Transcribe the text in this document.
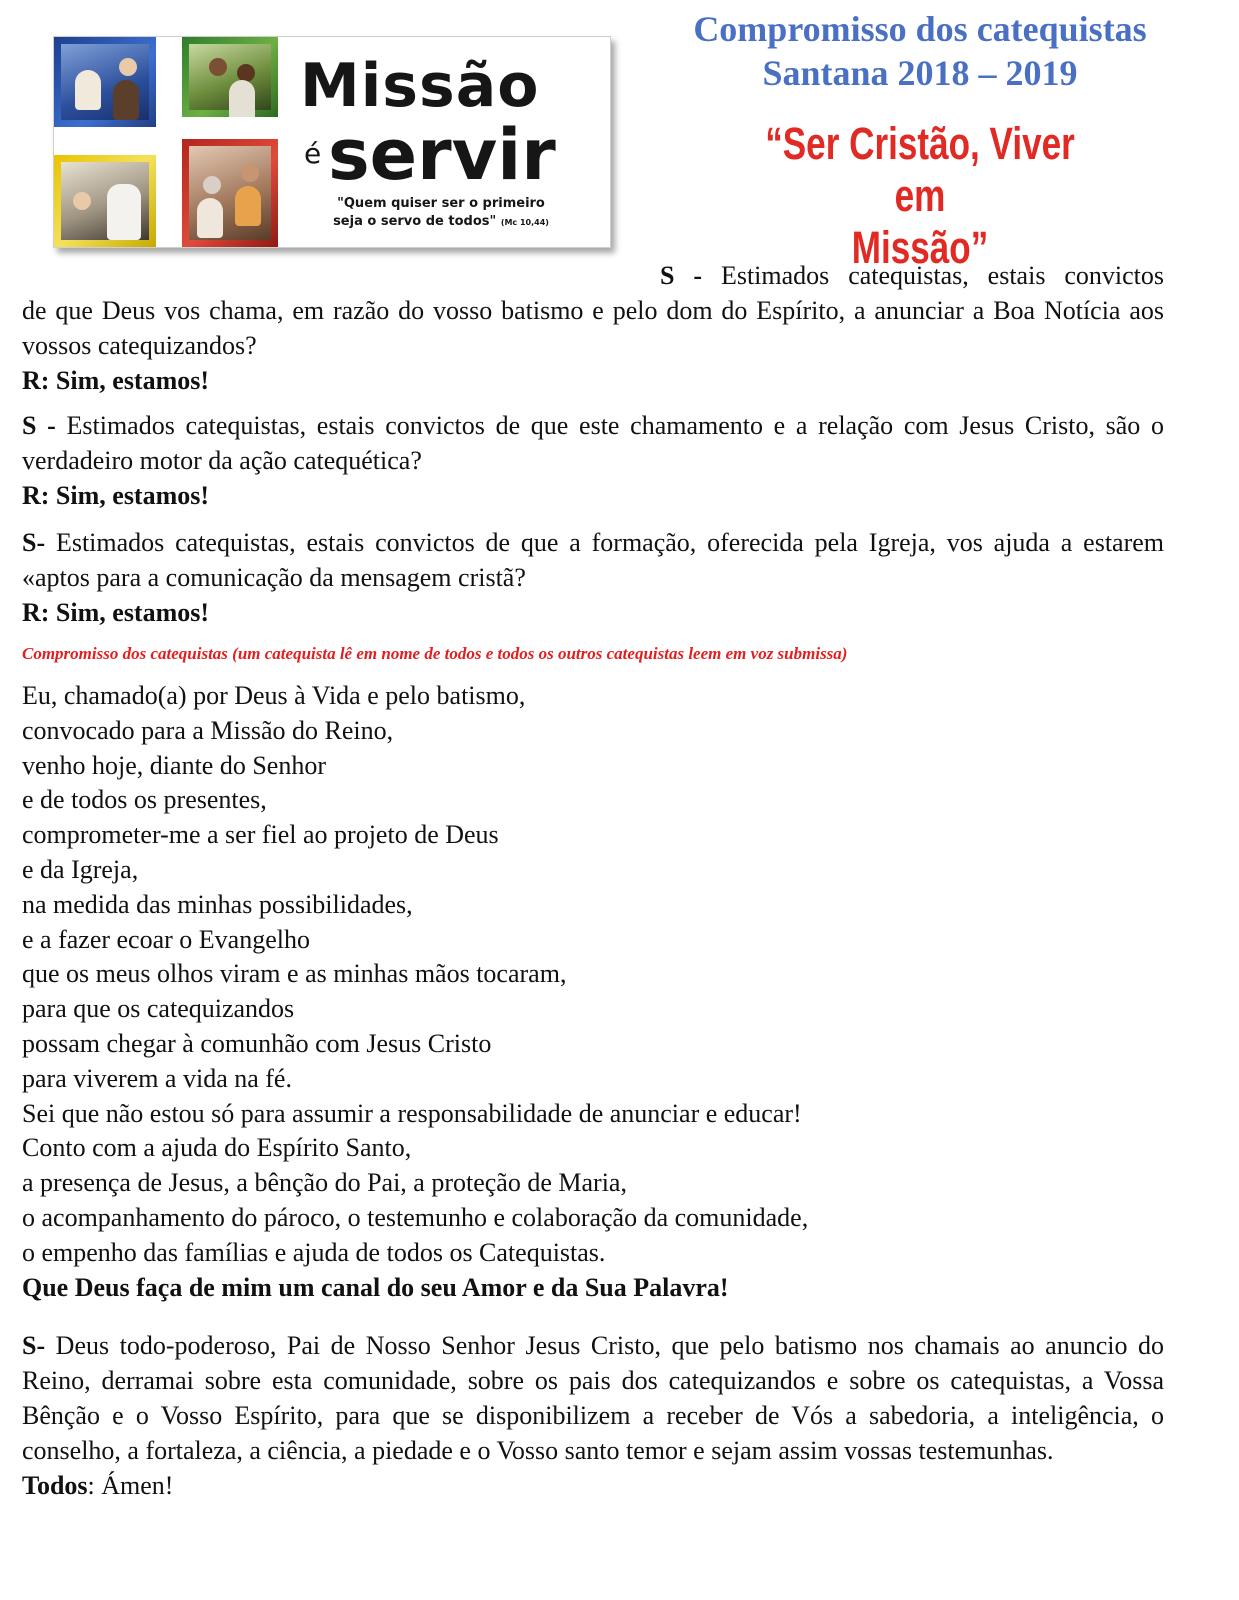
Missão
é servir
"Quem quiser ser o primeiro
seja o servo de todos" (Mc 10,44)
Compromisso dos catequistas
Santana 2018 – 2019
“Ser Cristão, Viver em
Missão”
S - Estimados catequistas, estais convictos
de que Deus vos chama, em razão do vosso batismo e pelo dom do Espírito, a anunciar a Boa Notícia aos vossos catequizandos?

R: Sim, estamos!

S - Estimados catequistas, estais convictos de que este chamamento e a relação com Jesus Cristo, são o verdadeiro motor da ação catequética?

R: Sim, estamos!

S- Estimados catequistas, estais convictos de que a formação, oferecida pela Igreja, vos ajuda a estarem «aptos para a comunicação da mensagem cristã?

R: Sim, estamos!

Compromisso dos catequistas (um catequista lê em nome de todos e todos os outros catequistas leem em voz submissa)
Eu, chamado(a) por Deus à Vida e pelo batismo,
convocado para a Missão do Reino,
venho hoje, diante do Senhor
e de todos os presentes,
comprometer-me a ser fiel ao projeto de Deus
e da Igreja,
na medida das minhas possibilidades,
e a fazer ecoar o Evangelho
que os meus olhos viram e as minhas mãos tocaram,
para que os catequizandos
possam chegar à comunhão com Jesus Cristo
para viverem a vida na fé.
Sei que não estou só para assumir a responsabilidade de anunciar e educar!
Conto com a ajuda do Espírito Santo,
a presença de Jesus, a bênção do Pai, a proteção de Maria,
o acompanhamento do pároco, o testemunho e colaboração da comunidade,
o empenho das famílias e ajuda de todos os Catequistas.
Que Deus faça de mim um canal do seu Amor e da Sua Palavra!

S- Deus todo-poderoso, Pai de Nosso Senhor Jesus Cristo, que pelo batismo nos chamais ao anuncio do Reino, derramai sobre esta comunidade, sobre os pais dos catequizandos e sobre os catequistas, a Vossa Bênção e o Vosso Espírito, para que se disponibilizem a receber de Vós a sabedoria, a inteligência, o conselho, a fortaleza, a ciência, a piedade e o Vosso santo temor e sejam assim vossas testemunhas.

Todos: Ámen!
